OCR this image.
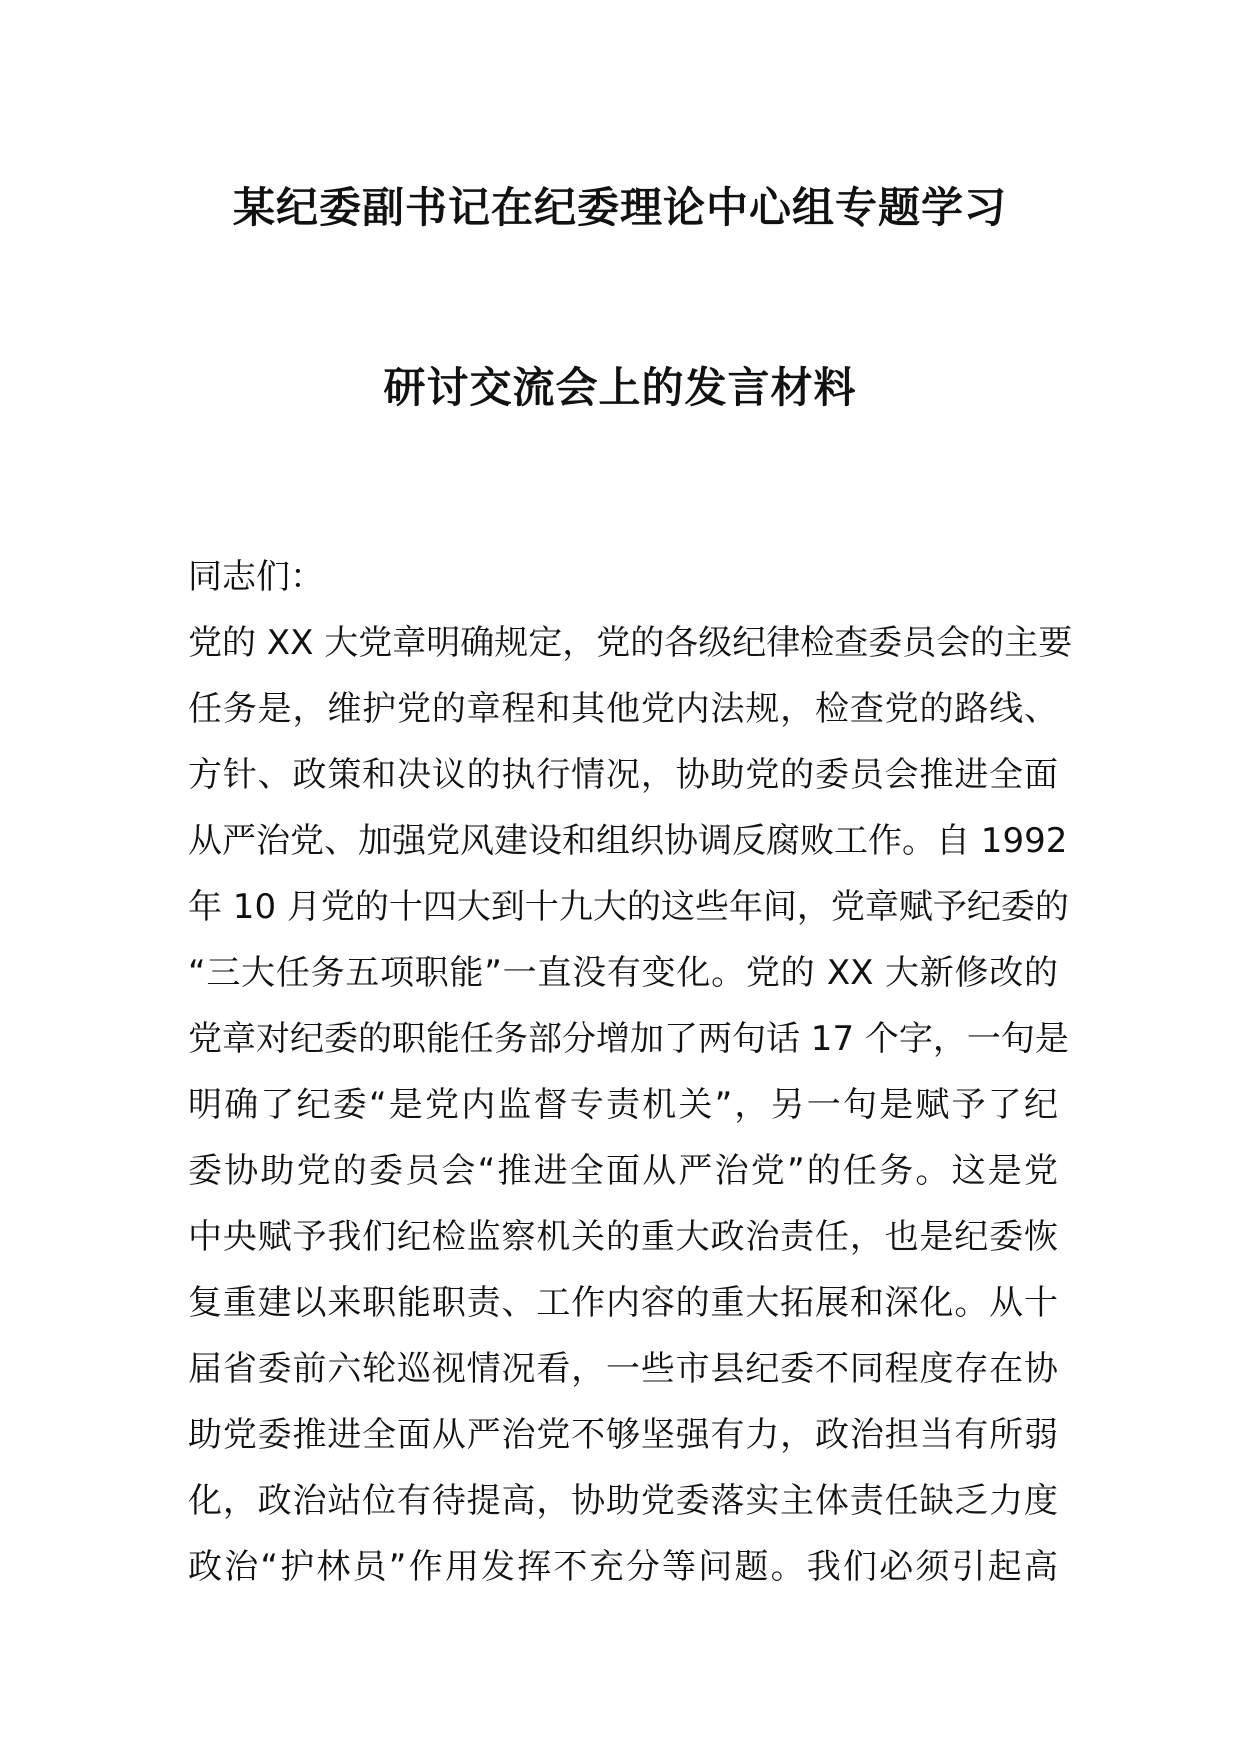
某纪委副书记在纪委理论中心组专题学习
研讨交流会上的发言材料
同志们：
党的 XX 大党章明确规定，党的各级纪律检查委员会的主要
任务是，维护党的章程和其他党内法规，检查党的路线、
方针、政策和决议的执行情况，协助党的委员会推进全面
从严治党、加强党风建设和组织协调反腐败工作。自 1992
年 10 月党的十四大到十九大的这些年间，党章赋予纪委的
“三大任务五项职能”一直没有变化。党的 XX 大新修改的
党章对纪委的职能任务部分增加了两句话 17 个字，一句是
明确了纪委“是党内监督专责机关”，另一句是赋予了纪
委协助党的委员会“推进全面从严治党”的任务。这是党
中央赋予我们纪检监察机关的重大政治责任，也是纪委恢
复重建以来职能职责、工作内容的重大拓展和深化。从十
届省委前六轮巡视情况看，一些市县纪委不同程度存在协
助党委推进全面从严治党不够坚强有力，政治担当有所弱
化，政治站位有待提高，协助党委落实主体责任缺乏力度
政治“护林员”作用发挥不充分等问题。我们必须引起高
